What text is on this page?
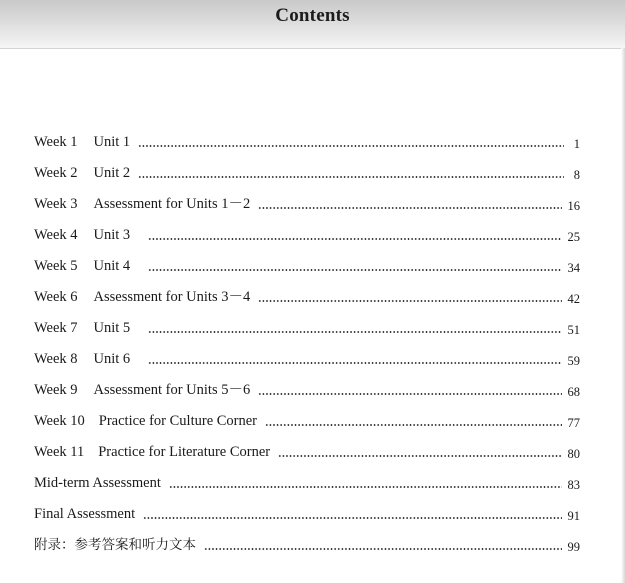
Contents
Week 1 Unit 1	1
Week 2 Unit 2	8
Week 3 Assessment for Units 1－2	16
Week 4 Unit 3	25
Week 5 Unit 4	34
Week 6 Assessment for Units 3－4	42
Week 7 Unit 5	51
Week 8 Unit 6	59
Week 9 Assessment for Units 5－6	68
Week 10 Practice for Culture Corner	77
Week 11 Practice for Literature Corner	80
Mid-term Assessment	83
Final Assessment	91
附录：参考答案和听力文本	99
